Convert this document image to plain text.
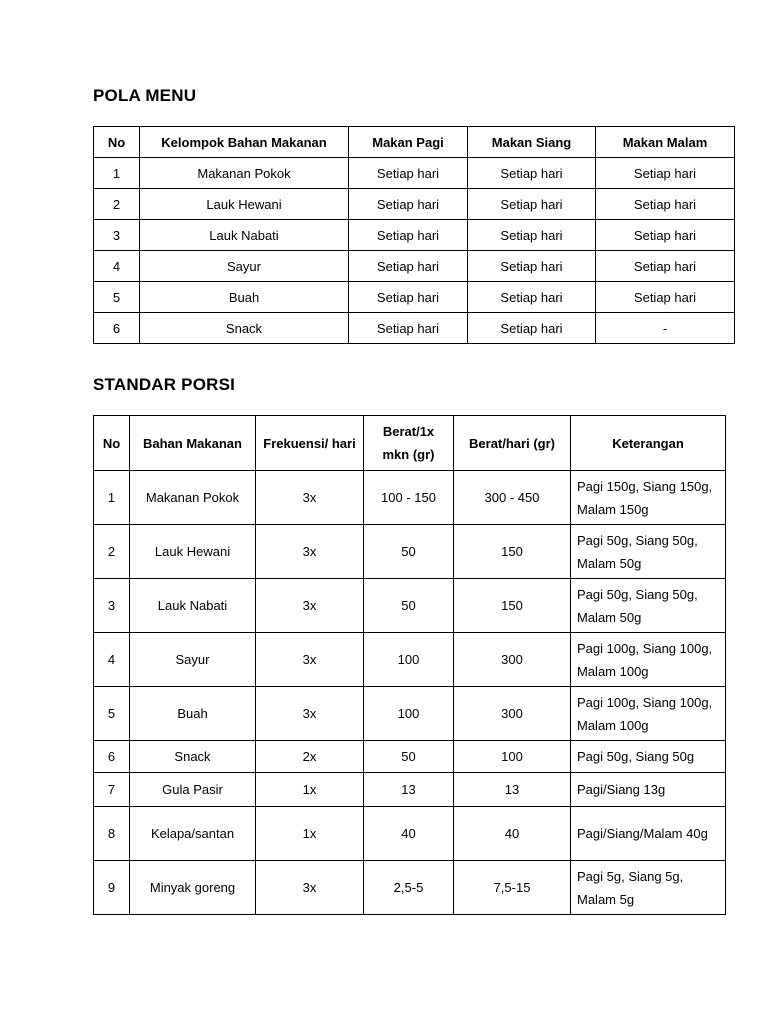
POLA MENU
No	Kelompok Bahan Makanan	Makan Pagi	Makan Siang	Makan Malam
1	Makanan Pokok	Setiap hari	Setiap hari	Setiap hari
2	Lauk Hewani	Setiap hari	Setiap hari	Setiap hari
3	Lauk Nabati	Setiap hari	Setiap hari	Setiap hari
4	Sayur	Setiap hari	Setiap hari	Setiap hari
5	Buah	Setiap hari	Setiap hari	Setiap hari
6	Snack	Setiap hari	Setiap hari	-
STANDAR PORSI
No	Bahan Makanan	Frekuensi/ hari	Berat/1x mkn (gr)	Berat/hari (gr)	Keterangan
1	Makanan Pokok	3x	100 - 150	300 - 450	Pagi 150g, Siang 150g, Malam 150g
2	Lauk Hewani	3x	50	150	Pagi 50g, Siang 50g, Malam 50g
3	Lauk Nabati	3x	50	150	Pagi 50g, Siang 50g, Malam 50g
4	Sayur	3x	100	300	Pagi 100g, Siang 100g, Malam 100g
5	Buah	3x	100	300	Pagi 100g, Siang 100g, Malam 100g
6	Snack	2x	50	100	Pagi 50g, Siang 50g
7	Gula Pasir	1x	13	13	Pagi/Siang 13g
8	Kelapa/santan	1x	40	40	Pagi/Siang/Malam 40g
9	Minyak goreng	3x	2,5-5	7,5-15	Pagi 5g, Siang 5g, Malam 5g
